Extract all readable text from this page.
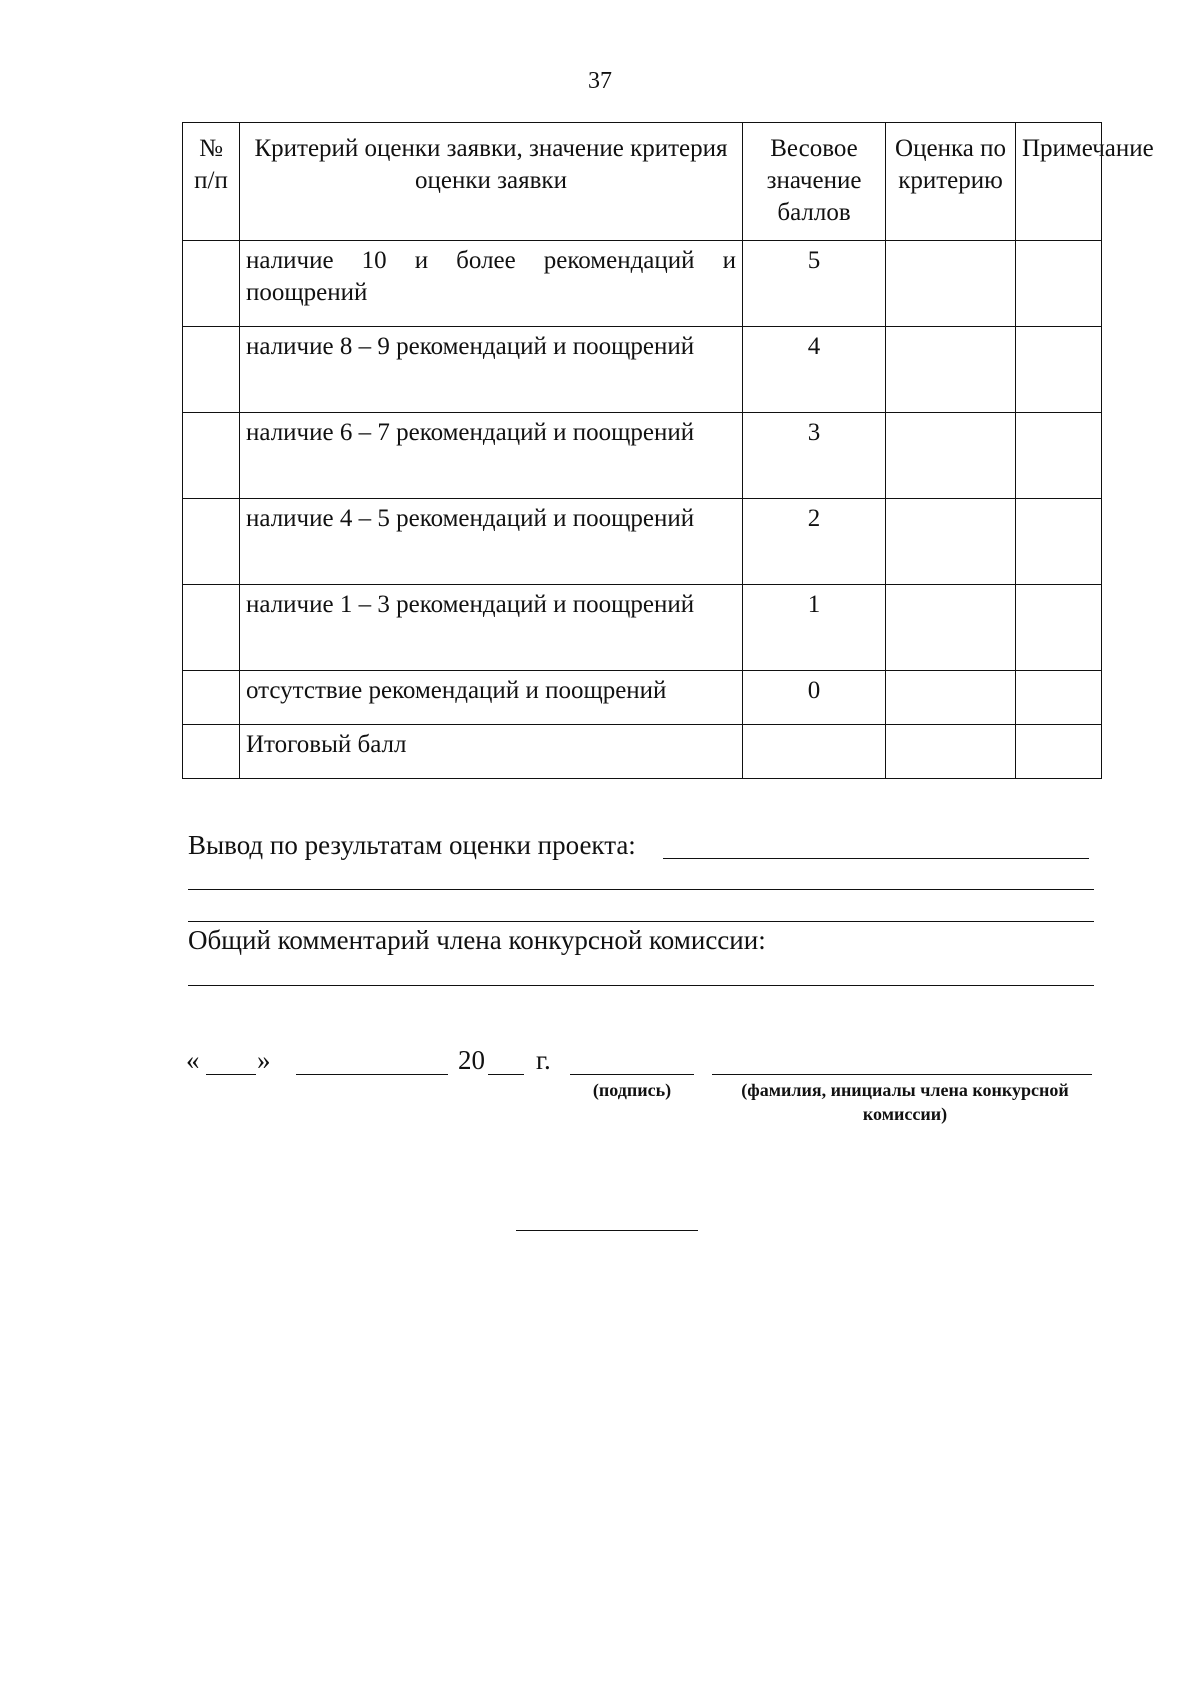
37
№ п/п	Критерий оценки заявки, значение критерия оценки заявки	Весовое значение баллов	Оценка по критерию	Примечание
	наличие 10 и более рекомендаций и поощрений	5		
	наличие 8 – 9 рекомендаций и поощрений	4		
	наличие 6 – 7 рекомендаций и поощрений	3		
	наличие 4 – 5 рекомендаций и поощрений	2		
	наличие 1 – 3 рекомендаций и поощрений	1		
	отсутствие рекомендаций и поощрений	0		
	Итоговый балл			
Вывод по результатам оценки проекта:
Общий комментарий члена конкурсной комиссии:
« »	20 г.
(подпись)	(фамилия, инициалы члена конкурсной комиссии)
